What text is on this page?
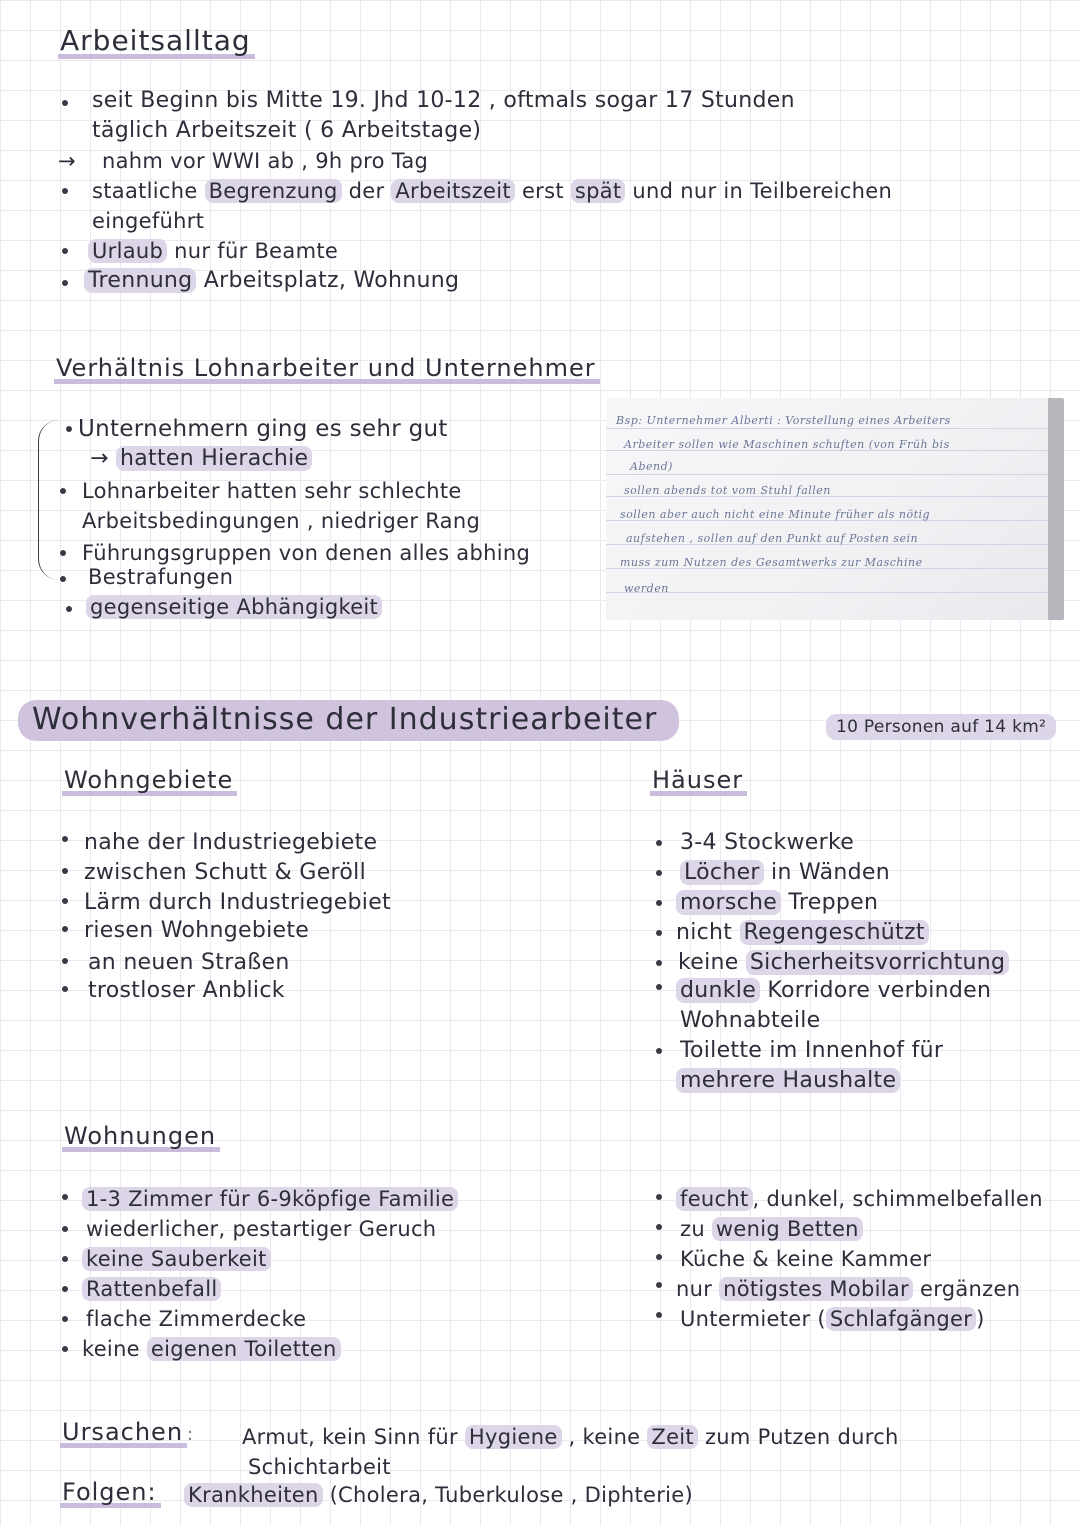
Arbeitsalltag
seit Beginn bis Mitte 19. Jhd 10-12 , oftmals sogar 17 Stunden
täglich Arbeitszeit ( 6 Arbeitstage)
→ nahm vor WWI ab , 9h pro Tag
staatliche Begrenzung der Arbeitszeit erst spät und nur in Teilbereichen
eingeführt
Urlaub nur für Beamte
Trennung Arbeitsplatz, Wohnung
Verhältnis Lohnarbeiter und Unternehmer
Unternehmern ging es sehr gut
→ hatten Hierachie
Lohnarbeiter hatten sehr schlechte
Arbeitsbedingungen , niedriger Rang
Führungsgruppen von denen alles abhing
Bestrafungen
gegenseitige Abhängigkeit
Bsp: Unternehmer Alberti : Vorstellung eines Arbeiters
Arbeiter sollen wie Maschinen schuften (von Früh bis
Abend)
sollen abends tot vom Stuhl fallen
sollen aber auch nicht eine Minute früher als nötig
aufstehen , sollen auf den Punkt auf Posten sein
muss zum Nutzen des Gesamtwerks zur Maschine
werden
Wohnverhältnisse der Industriearbeiter	10 Personen auf 14 km²
Wohngebiete
nahe der Industriegebiete
zwischen Schutt & Geröll
Lärm durch Industriegebiet
riesen Wohngebiete
an neuen Straßen
trostloser Anblick
Häuser
3-4 Stockwerke
Löcher in Wänden
morsche Treppen
nicht Regengeschützt
keine Sicherheitsvorrichtung
dunkle Korridore verbinden
Wohnabteile
Toilette im Innenhof für
mehrere Haushalte
Wohnungen
1-3 Zimmer für 6-9köpfige Familie
wiederlicher, pestartiger Geruch
keine Sauberkeit
Rattenbefall
flache Zimmerdecke
keine eigenen Toiletten
feucht , dunkel, schimmelbefallen
zu wenig Betten
Küche & keine Kammer
nur nötigstes Mobilar ergänzen
Untermieter ( Schlafgänger )
Ursachen : Armut, kein Sinn für Hygiene , keine Zeit zum Putzen durch
Schichtarbeit
Folgen: Krankheiten (Cholera, Tuberkulose , Diphterie)
